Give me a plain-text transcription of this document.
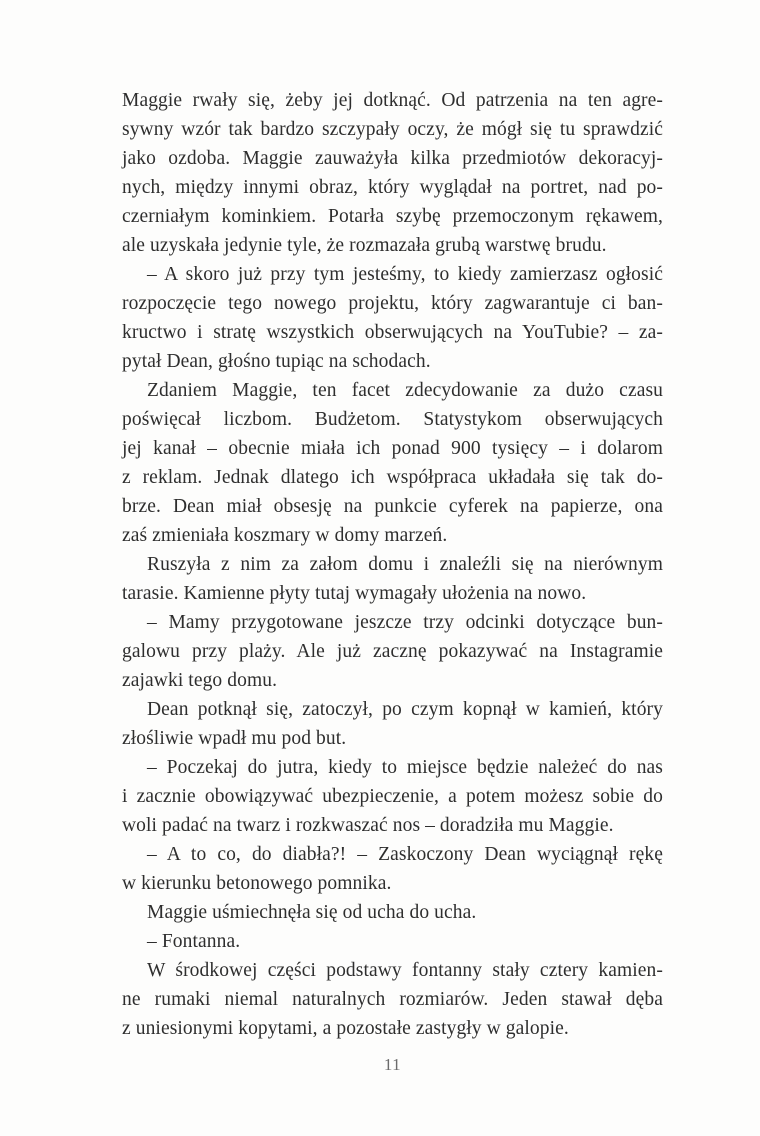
Maggie rwały się, żeby jej dotknąć. Od patrzenia na ten agre-
sywny wzór tak bardzo szczypały oczy, że mógł się tu sprawdzić
jako ozdoba. Maggie zauważyła kilka przedmiotów dekoracyj-
nych, między innymi obraz, który wyglądał na portret, nad po-
czerniałym kominkiem. Potarła szybę przemoczonym rękawem,
ale uzyskała jedynie tyle, że rozmazała grubą warstwę brudu.
– A skoro już przy tym jesteśmy, to kiedy zamierzasz ogłosić
rozpoczęcie tego nowego projektu, który zagwarantuje ci ban-
kructwo i stratę wszystkich obserwujących na YouTubie? – za-
pytał Dean, głośno tupiąc na schodach.
Zdaniem Maggie, ten facet zdecydowanie za dużo czasu
poświęcał liczbom. Budżetom. Statystykom obserwujących
jej kanał – obecnie miała ich ponad 900 tysięcy – i dolarom
z reklam. Jednak dlatego ich współpraca układała się tak do-
brze. Dean miał obsesję na punkcie cyferek na papierze, ona
zaś zmieniała koszmary w domy marzeń.
Ruszyła z nim za załom domu i znaleźli się na nierównym
tarasie. Kamienne płyty tutaj wymagały ułożenia na nowo.
– Mamy przygotowane jeszcze trzy odcinki dotyczące bun-
galowu przy plaży. Ale już zacznę pokazywać na Instagramie
zajawki tego domu.
Dean potknął się, zatoczył, po czym kopnął w kamień, który
złośliwie wpadł mu pod but.
– Poczekaj do jutra, kiedy to miejsce będzie należeć do nas
i zacznie obowiązywać ubezpieczenie, a potem możesz sobie do
woli padać na twarz i rozkwaszać nos – doradziła mu Maggie.
– A to co, do diabła?! – Zaskoczony Dean wyciągnął rękę
w kierunku betonowego pomnika.
Maggie uśmiechnęła się od ucha do ucha.
– Fontanna.
W środkowej części podstawy fontanny stały cztery kamien-
ne rumaki niemal naturalnych rozmiarów. Jeden stawał dęba
z uniesionymi kopytami, a pozostałe zastygły w galopie.
11
